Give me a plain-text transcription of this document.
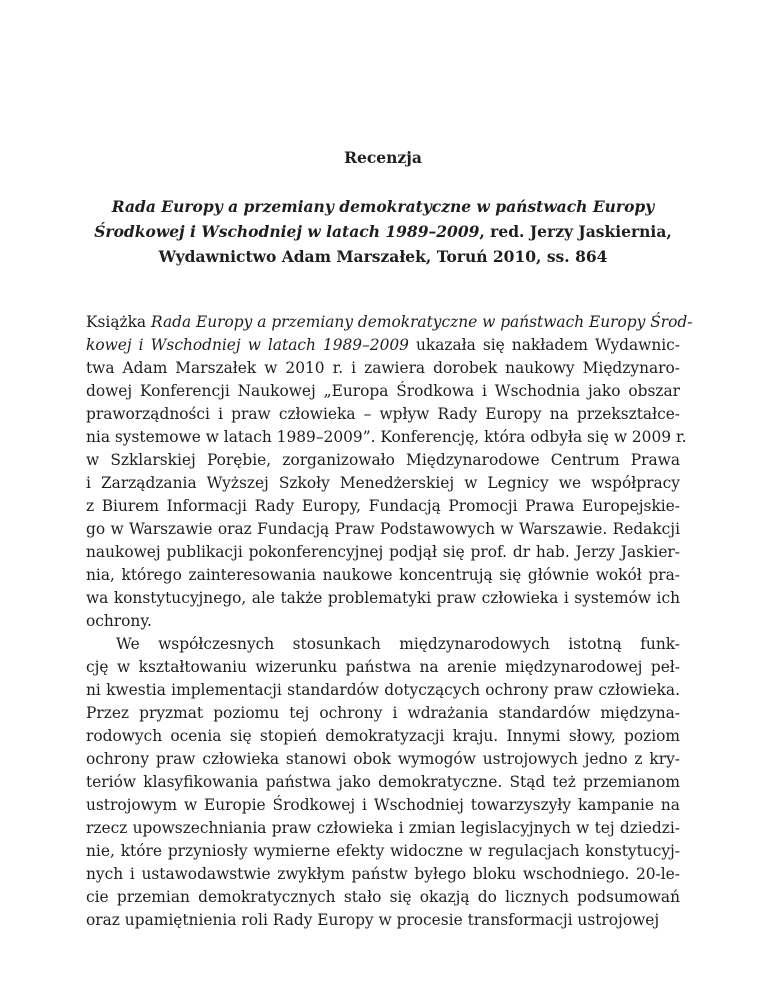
Recenzja

Rada Europy a przemiany demokratyczne w państwach Europy
Środkowej i Wschodniej w latach 1989–2009, red. Jerzy Jaskiernia,
Wydawnictwo Adam Marszałek, Toruń 2010, ss. 864
Książka Rada Europy a przemiany demokratyczne w państwach Europy Środ-
kowej i Wschodniej w latach 1989–2009 ukazała się nakładem Wydawnic-
twa Adam Marszałek w 2010 r. i zawiera dorobek naukowy Międzynaro-
dowej Konferencji Naukowej „Europa Środkowa i Wschodnia jako obszar
praworządności i praw człowieka – wpływ Rady Europy na przekształce-
nia systemowe w latach 1989–2009”. Konferencję, która odbyła się w 2009 r.
w Szklarskiej Porębie, zorganizowało Międzynarodowe Centrum Prawa
i Zarządzania Wyższej Szkoły Menedżerskiej w Legnicy we współpracy
z Biurem Informacji Rady Europy, Fundacją Promocji Prawa Europejskie-
go w Warszawie oraz Fundacją Praw Podstawowych w Warszawie. Redakcji
naukowej publikacji pokonferencyjnej podjął się prof. dr hab. Jerzy Jaskier-
nia, którego zainteresowania naukowe koncentrują się głównie wokół pra-
wa konstytucyjnego, ale także problematyki praw człowieka i systemów ich
ochrony.
We współczesnych stosunkach międzynarodowych istotną funk-
cję w kształtowaniu wizerunku państwa na arenie międzynarodowej peł-
ni kwestia implementacji standardów dotyczących ochrony praw człowieka.
Przez pryzmat poziomu tej ochrony i wdrażania standardów międzyna-
rodowych ocenia się stopień demokratyzacji kraju. Innymi słowy, poziom
ochrony praw człowieka stanowi obok wymogów ustrojowych jedno z kry-
teriów klasyfikowania państwa jako demokratyczne. Stąd też przemianom
ustrojowym w Europie Środkowej i Wschodniej towarzyszyły kampanie na
rzecz upowszechniania praw człowieka i zmian legislacyjnych w tej dziedzi-
nie, które przyniosły wymierne efekty widoczne w regulacjach konstytucyj-
nych i ustawodawstwie zwykłym państw byłego bloku wschodniego. 20-le-
cie przemian demokratycznych stało się okazją do licznych podsumowań
oraz upamiętnienia roli Rady Europy w procesie transformacji ustrojowej
